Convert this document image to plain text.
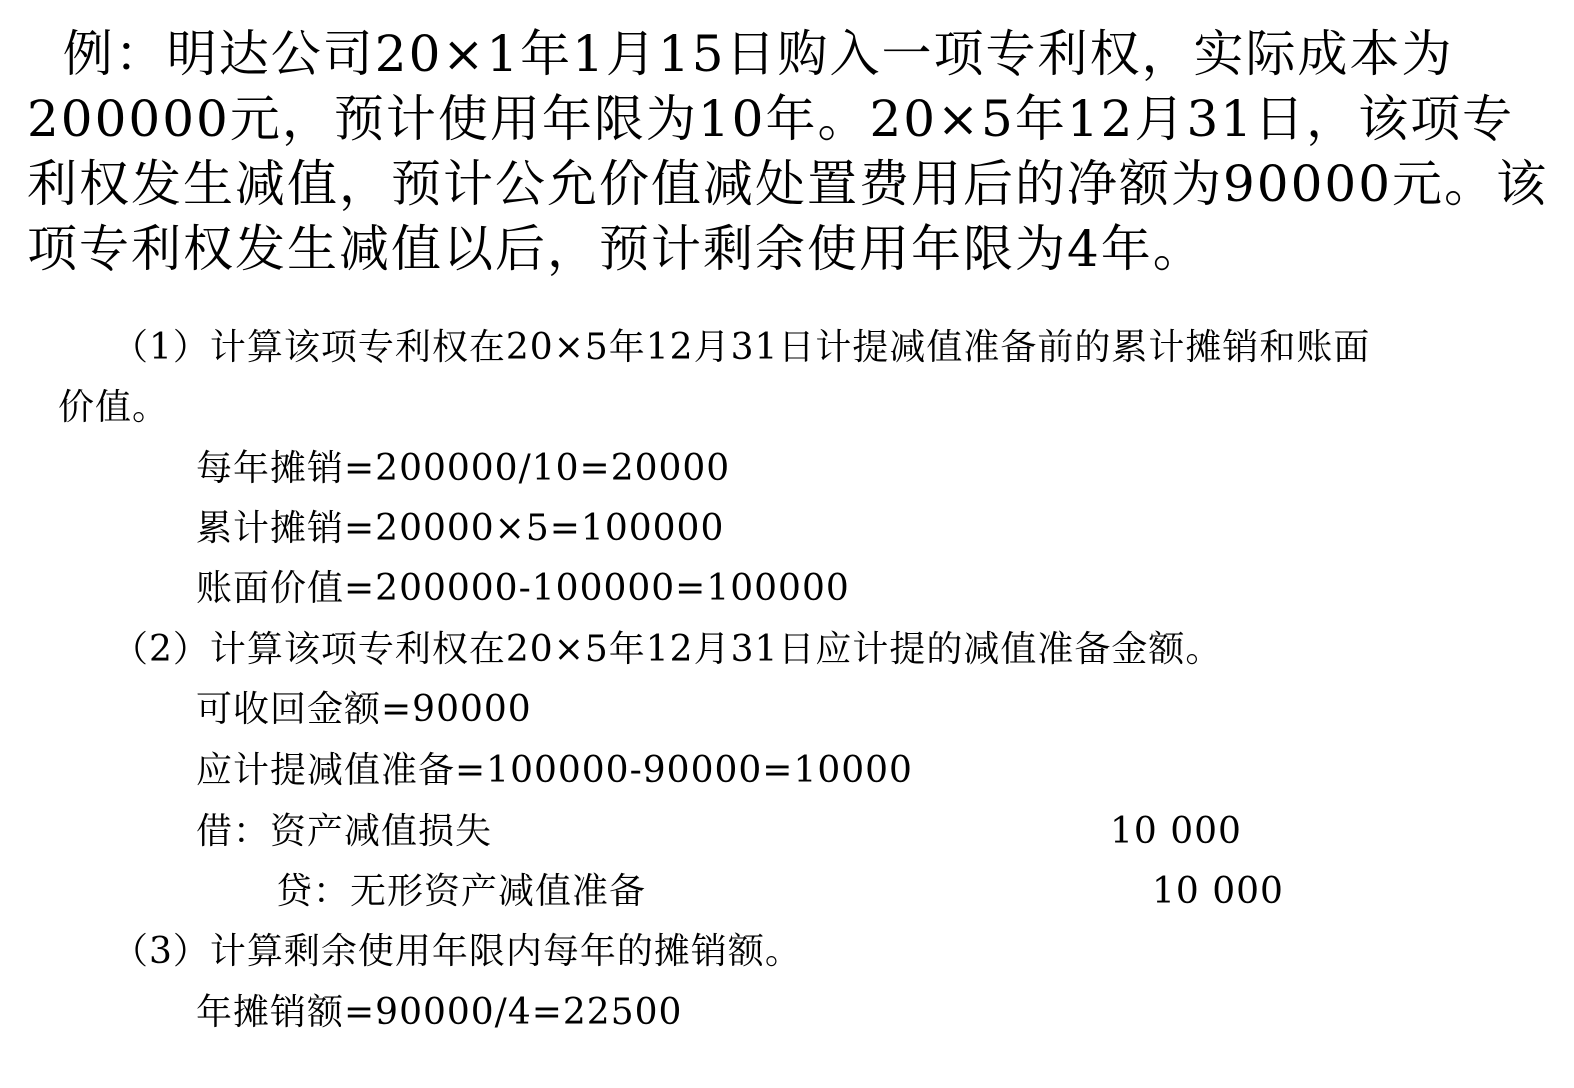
例：明达公司20×1年1月15日购入一项专利权，实际成本为200000元，预计使用年限为10年。20×5年12月31日，该项专利权发生减值，预计公允价值减处置费用后的净额为90000元。该项专利权发生减值以后，预计剩余使用年限为4年。
（1）计算该项专利权在20×5年12月31日计提减值准备前的累计摊销和账面
价值。
每年摊销=200000/10=20000
累计摊销=20000×5=100000
账面价值=200000-100000=100000
（2）计算该项专利权在20×5年12月31日应计提的减值准备金额。
可收回金额=90000
应计提减值准备=100000-90000=10000
借：资产减值损失	10 000
贷：无形资产减值准备	10 000
（3）计算剩余使用年限内每年的摊销额。
年摊销额=90000/4=22500
